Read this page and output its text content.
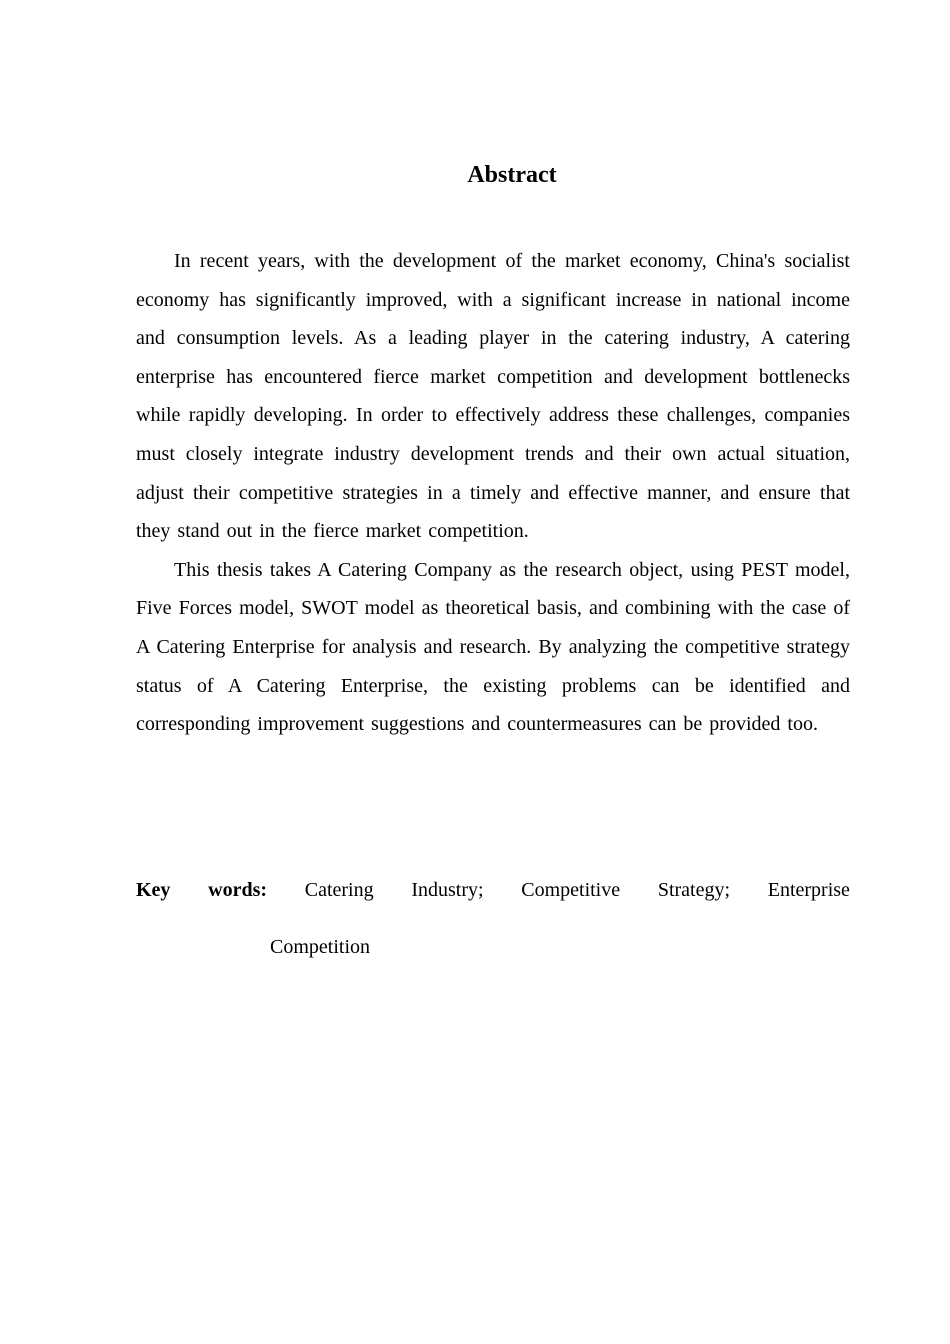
Abstract

In recent years, with the development of the market economy, China's socialist economy has significantly improved, with a significant increase in national income and consumption levels. As a leading player in the catering industry, A catering enterprise has encountered fierce market competition and development bottlenecks while rapidly developing. In order to effectively address these challenges, companies must closely integrate industry development trends and their own actual situation, adjust their competitive strategies in a timely and effective manner, and ensure that they stand out in the fierce market competition.

This thesis takes A Catering Company as the research object, using PEST model, Five Forces model, SWOT model as theoretical basis, and combining with the case of A Catering Enterprise for analysis and research. By analyzing the competitive strategy status of A Catering Enterprise, the existing problems can be identified and corresponding improvement suggestions and countermeasures can be provided too.

Key words: Catering Industry; Competitive Strategy; Enterprise
Competition
